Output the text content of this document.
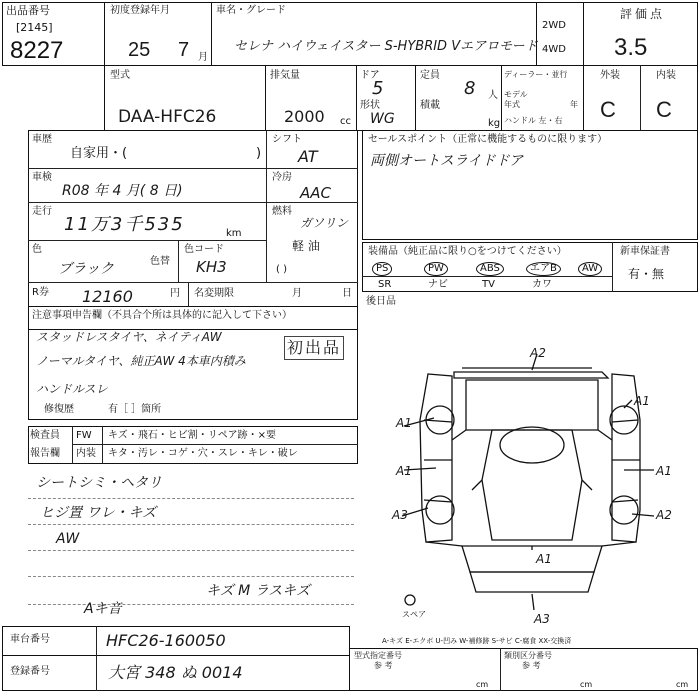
出品番号
[2145]
8227
初度登録年月
25 7 月
車名・グレード
セレナ ハイウェイスター S-HYBRID Vエアロモード
2WD
4WD
評価点
3.5
型式
DAA-HFC26
排気量
2000 cc
ドア
5
形状
WG
定員
8 人
積載
kg
ディーラー・並行
モデル年式	年
ハンドル 左・右
外装	内装
C C
車歴
自家用・(	)
シフト
AT
車検
R08 年 4 月( 8 日)
冷房
AAC
走行
11万3千535	km
燃料
ガソリン
軽 油
( )
色
ブラック	色替
色コード
KH3
R券 12160	円 名変期限	月	日
セールスポイント（正常に機能するものに限ります）
両側オートスライドドア
装備品（純正品に限り○をつけてください）	新車保証書
有・無
PS	PW	ABS	エアB	AW
SR	ナビ	TV	カワ
後日品
注意事項申告欄（不具合个所は具体的に記入して下さい）
スタッドレスタイヤ、ネイティAW
ノーマルタイヤ、純正AW 4本車内積み
ハンドルスレ
初出品
修復歴	有［ ］箇所
検査員
報告欄
FW キズ・飛石・ヒビ割・リペア跡・×要
内装 キタ・汚レ・コゲ・穴・スレ・キレ・破レ
シートシミ・ヘタリ
ヒジ置 ワレ・キズ
AW
キズ M ラスキズ
Aキ音
A2
A1
A1
A1	A1
A3	A2
A1
A3
スペア
A-キズ E-エクボ U-凹み W-補修跡 S-サビ C-腐食 XX-交換済
車台番号	HFC26-160050
登録番号	大宮 348 ぬ 0014
型式指定番号
参 考
類別区分番号
参 考
cm	cm	cm
